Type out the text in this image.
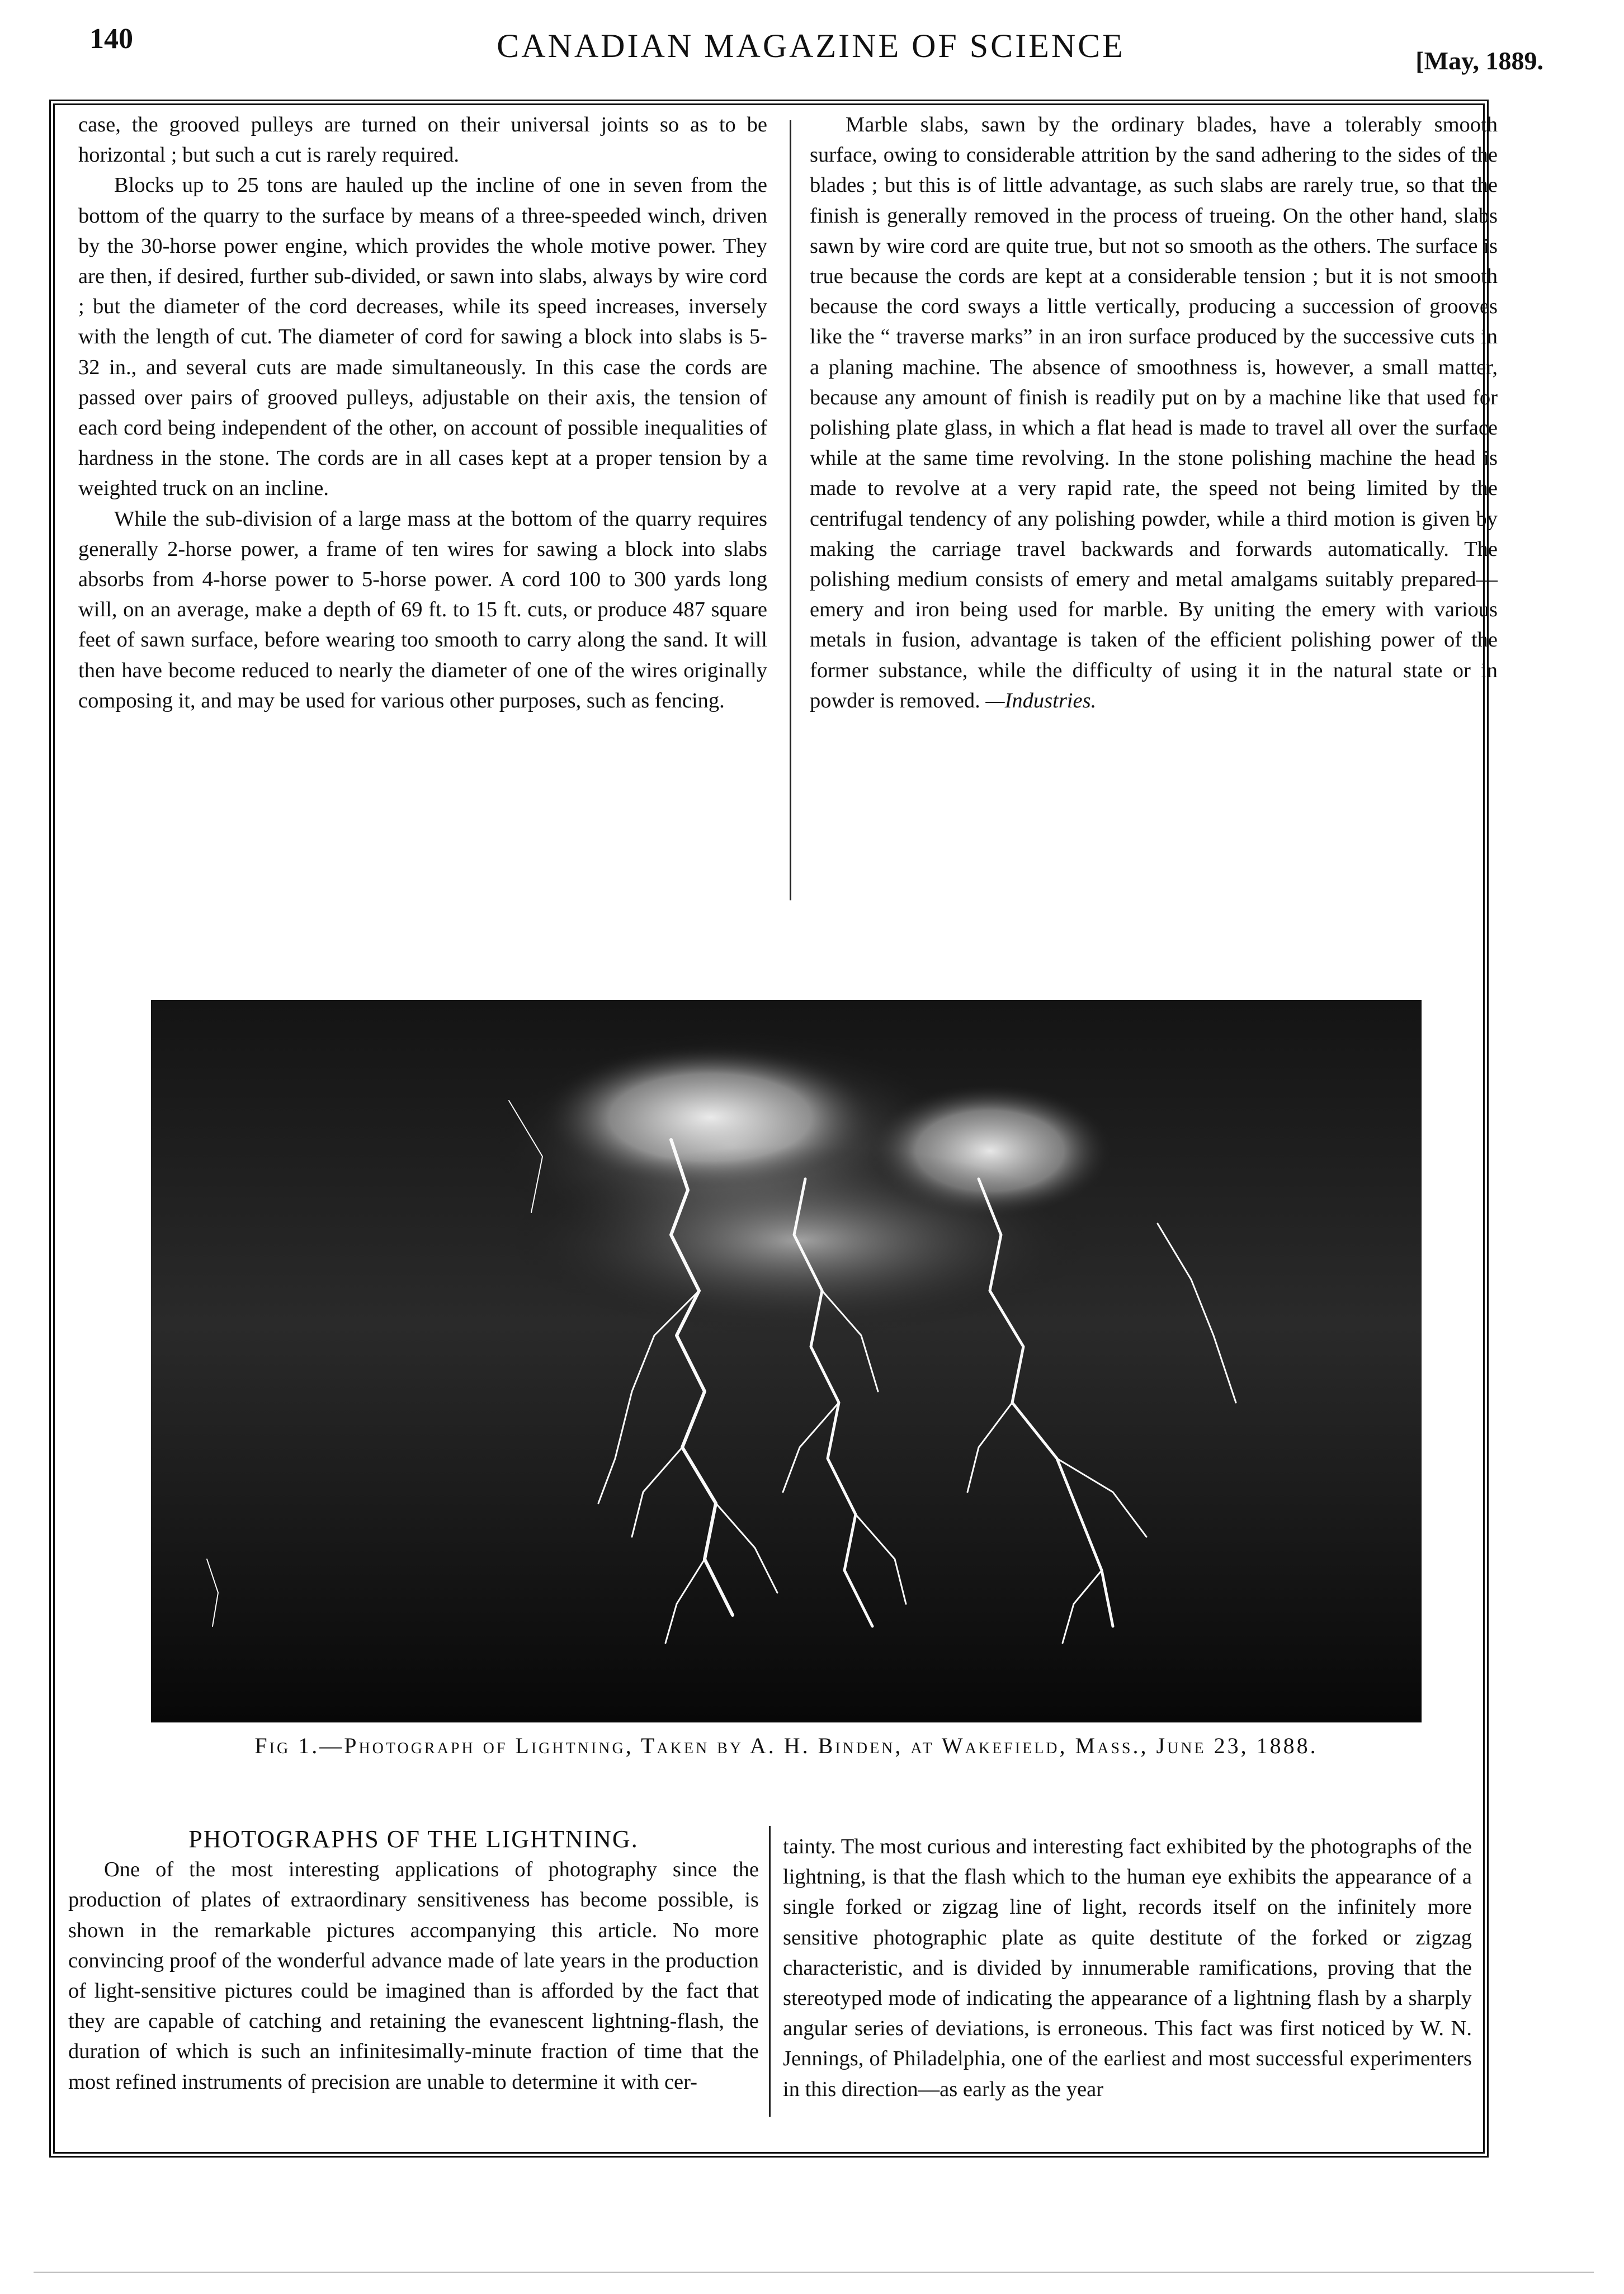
140	CANADIAN MAGAZINE OF SCIENCE	[May, 1889.

case, the grooved pulleys are turned on their universal joints so as to be horizontal ; but such a cut is rarely required.

Blocks up to 25 tons are hauled up the incline of one in seven from the bottom of the quarry to the surface by means of a three-speeded winch, driven by the 30-horse power engine, which provides the whole motive power. They are then, if desired, further sub-divided, or sawn into slabs, always by wire cord ; but the diameter of the cord decreases, while its speed increases, inversely with the length of cut. The diameter of cord for sawing a block into slabs is 5-32 in., and several cuts are made simultaneously. In this case the cords are passed over pairs of grooved pulleys, adjustable on their axis, the tension of each cord being independent of the other, on account of possible inequalities of hardness in the stone. The cords are in all cases kept at a proper tension by a weighted truck on an incline.

While the sub-division of a large mass at the bottom of the quarry requires generally 2-horse power, a frame of ten wires for sawing a block into slabs absorbs from 4-horse power to 5-horse power. A cord 100 to 300 yards long will, on an average, make a depth of 69 ft. to 15 ft. cuts, or produce 487 square feet of sawn surface, before wearing too smooth to carry along the sand. It will then have become reduced to nearly the diameter of one of the wires originally composing it, and may be used for various other purposes, such as fencing.

Marble slabs, sawn by the ordinary blades, have a tolerably smooth surface, owing to considerable attrition by the sand adhering to the sides of the blades ; but this is of little advantage, as such slabs are rarely true, so that the finish is generally removed in the process of trueing. On the other hand, slabs sawn by wire cord are quite true, but not so smooth as the others. The surface is true because the cords are kept at a considerable tension ; but it is not smooth because the cord sways a little vertically, producing a succession of grooves like the “ traverse marks” in an iron surface produced by the successive cuts in a planing machine. The absence of smoothness is, however, a small matter, because any amount of finish is readily put on by a machine like that used for polishing plate glass, in which a flat head is made to travel all over the surface while at the same time revolving. In the stone polishing machine the head is made to revolve at a very rapid rate, the speed not being limited by the centrifugal tendency of any polishing powder, while a third motion is given by making the carriage travel backwards and forwards automatically. The polishing medium consists of emery and metal amalgams suitably prepared—emery and iron being used for marble. By uniting the emery with various metals in fusion, advantage is taken of the efficient polishing power of the former substance, while the difficulty of using it in the natural state or in powder is removed. —Industries.

Fig 1.—Photograph of Lightning, Taken by A. H. Binden, at Wakefield, Mass., June 23, 1888.

PHOTOGRAPHS OF THE LIGHTNING.

One of the most interesting applications of photography since the production of plates of extraordinary sensitiveness has become possible, is shown in the remarkable pictures accompanying this article. No more convincing proof of the wonderful advance made of late years in the production of light-sensitive pictures could be imagined than is afforded by the fact that they are capable of catching and retaining the evanescent lightning-flash, the duration of which is such an infinitesimally-minute fraction of time that the most refined instruments of precision are unable to determine it with cer-

tainty. The most curious and interesting fact exhibited by the photographs of the lightning, is that the flash which to the human eye exhibits the appearance of a single forked or zigzag line of light, records itself on the infinitely more sensitive photographic plate as quite destitute of the forked or zigzag characteristic, and is divided by innumerable ramifications, proving that the stereotyped mode of indicating the appearance of a lightning flash by a sharply angular series of deviations, is erroneous. This fact was first noticed by W. N. Jennings, of Philadelphia, one of the earliest and most successful experimenters in this direction—as early as the year
